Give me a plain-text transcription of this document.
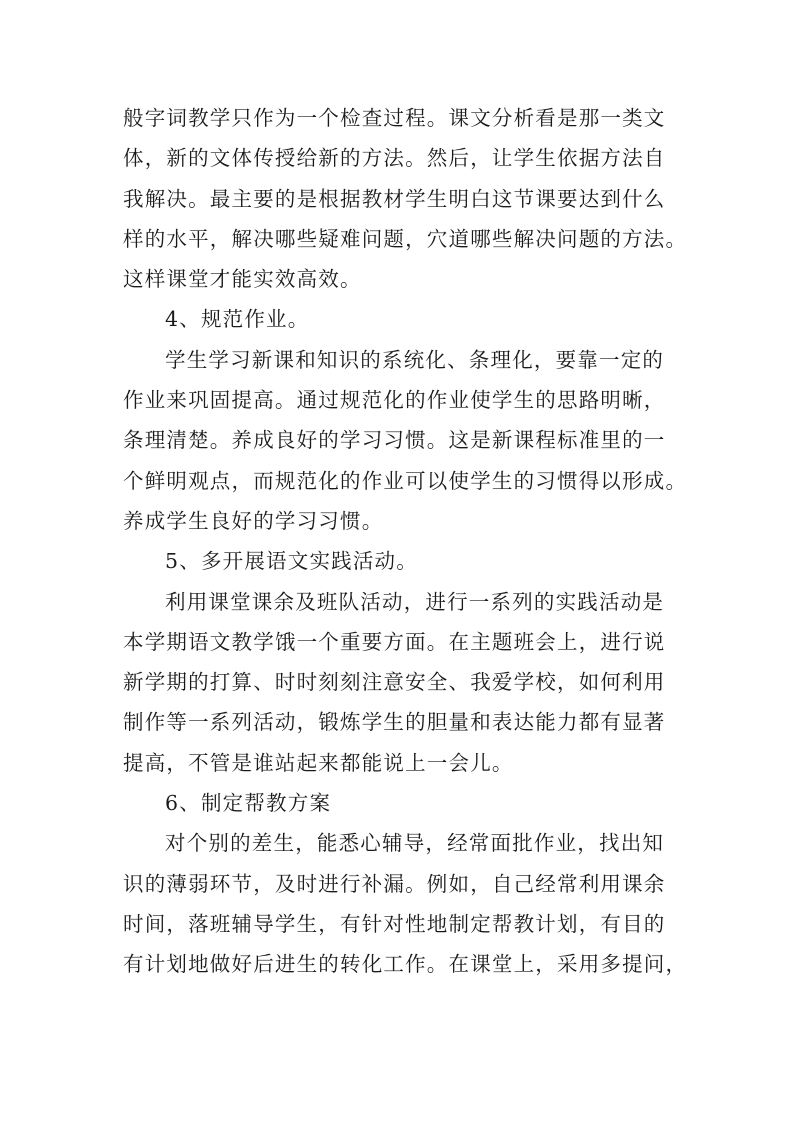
般字词教学只作为一个检查过程。课文分析看是那一类文
体，新的文体传授给新的方法。然后，让学生依据方法自
我解决。最主要的是根据教材学生明白这节课要达到什么
样的水平，解决哪些疑难问题，穴道哪些解决问题的方法。
这样课堂才能实效高效。
4、规范作业。
学生学习新课和知识的系统化、条理化，要靠一定的
作业来巩固提高。通过规范化的作业使学生的思路明晰，
条理清楚。养成良好的学习习惯。这是新课程标准里的一
个鲜明观点，而规范化的作业可以使学生的习惯得以形成。
养成学生良好的学习习惯。
5、多开展语文实践活动。
利用课堂课余及班队活动，进行一系列的实践活动是
本学期语文教学饿一个重要方面。在主题班会上，进行说
新学期的打算、时时刻刻注意安全、我爱学校，如何利用
制作等一系列活动，锻炼学生的胆量和表达能力都有显著
提高，不管是谁站起来都能说上一会儿。
6、制定帮教方案
对个别的差生，能悉心辅导，经常面批作业，找出知
识的薄弱环节，及时进行补漏。例如，自己经常利用课余
时间，落班辅导学生，有针对性地制定帮教计划，有目的
有计划地做好后进生的转化工作。在课堂上，采用多提问，
